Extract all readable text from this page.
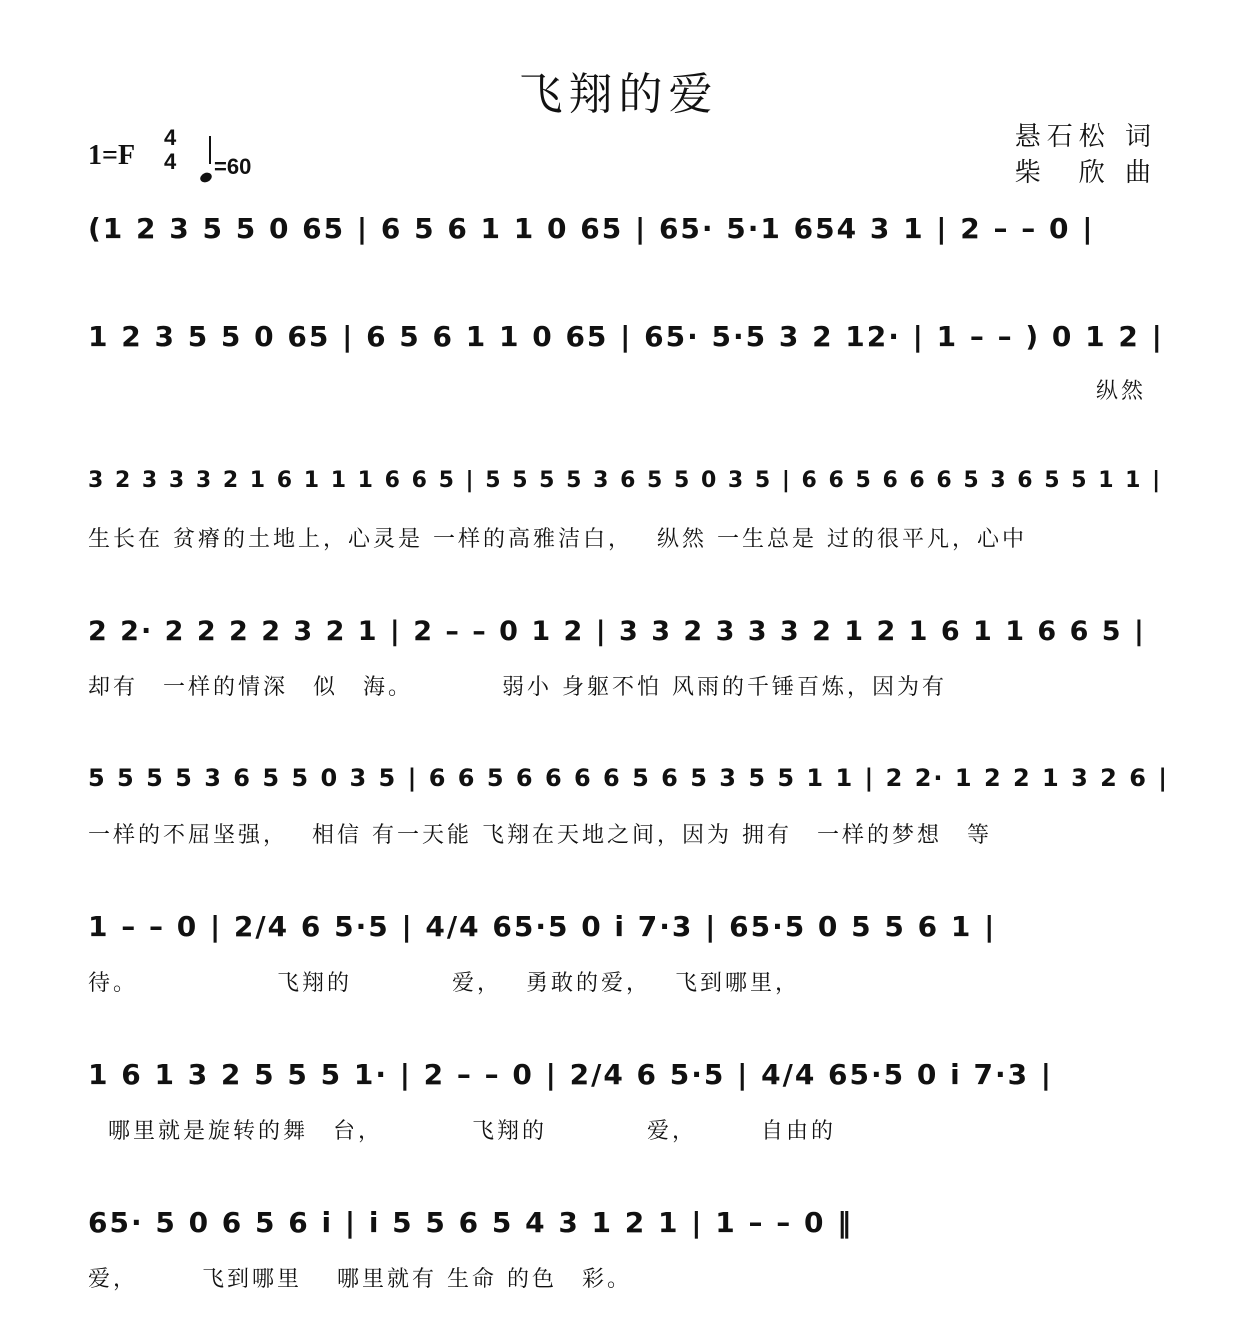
飞翔的爱
悬石松 词
柴　欣 曲
1=F
4
4	=60
(1 2 3 5 5 0 65 | 6 5 6 1 1 0 65 | 65· 5·1 654 3 1 | 2 – – 0 |
1 2 3 5 5 0 65 | 6 5 6 1 1 0 65 | 65· 5·5 3 2 12· | 1 – – ) 0 1 2 |
纵然
3 2 3 3 3 2 1 6 1 1 1 6 6 5 | 5 5 5 5 3 6 5 5 0 3 5 | 6 6 5 6 6 6 5 3 6 5 5 1 1 |
生长在 贫瘠的土地上，心灵是 一样的高雅洁白，　 纵然 一生总是 过的很平凡，心中
2 2· 2 2 2 2 3 2 1 | 2 – – 0 1 2 | 3 3 2 3 3 3 2 1 2 1 6 1 1 6 6 5 |
却有　一样的情深　似　海。　　　　弱小 身躯不怕 风雨的千锤百炼，因为有
5 5 5 5 3 6 5 5 0 3 5 | 6 6 5 6 6 6 6 5 6 5 3 5 5 1 1 | 2 2· 1 2 2 1 3 2 6 |
一样的不屈坚强，　 相信 有一天能 飞翔在天地之间，因为 拥有　一样的梦想　等
1 – – 0 | 2/4 6 5·5 | 4/4 65·5 0 i 7·3 | 65·5 0 5 5 6 1 |
待。　　　　　　飞翔的　　　　爱，　 勇敢的爱，　 飞到哪里，
1 6 1 3 2 5 5 5 1· | 2 – – 0 | 2/4 6 5·5 | 4/4 65·5 0 i 7·3 |
哪里就是旋转的舞　台，　　　　飞翔的　　　　爱，　　　自由的
65· 5 0 6 5 6 i | i 5 5 6 5 4 3 1 2 1 | 1 – – 0 ‖
爱，　　　飞到哪里　 哪里就有 生命 的色　彩。
